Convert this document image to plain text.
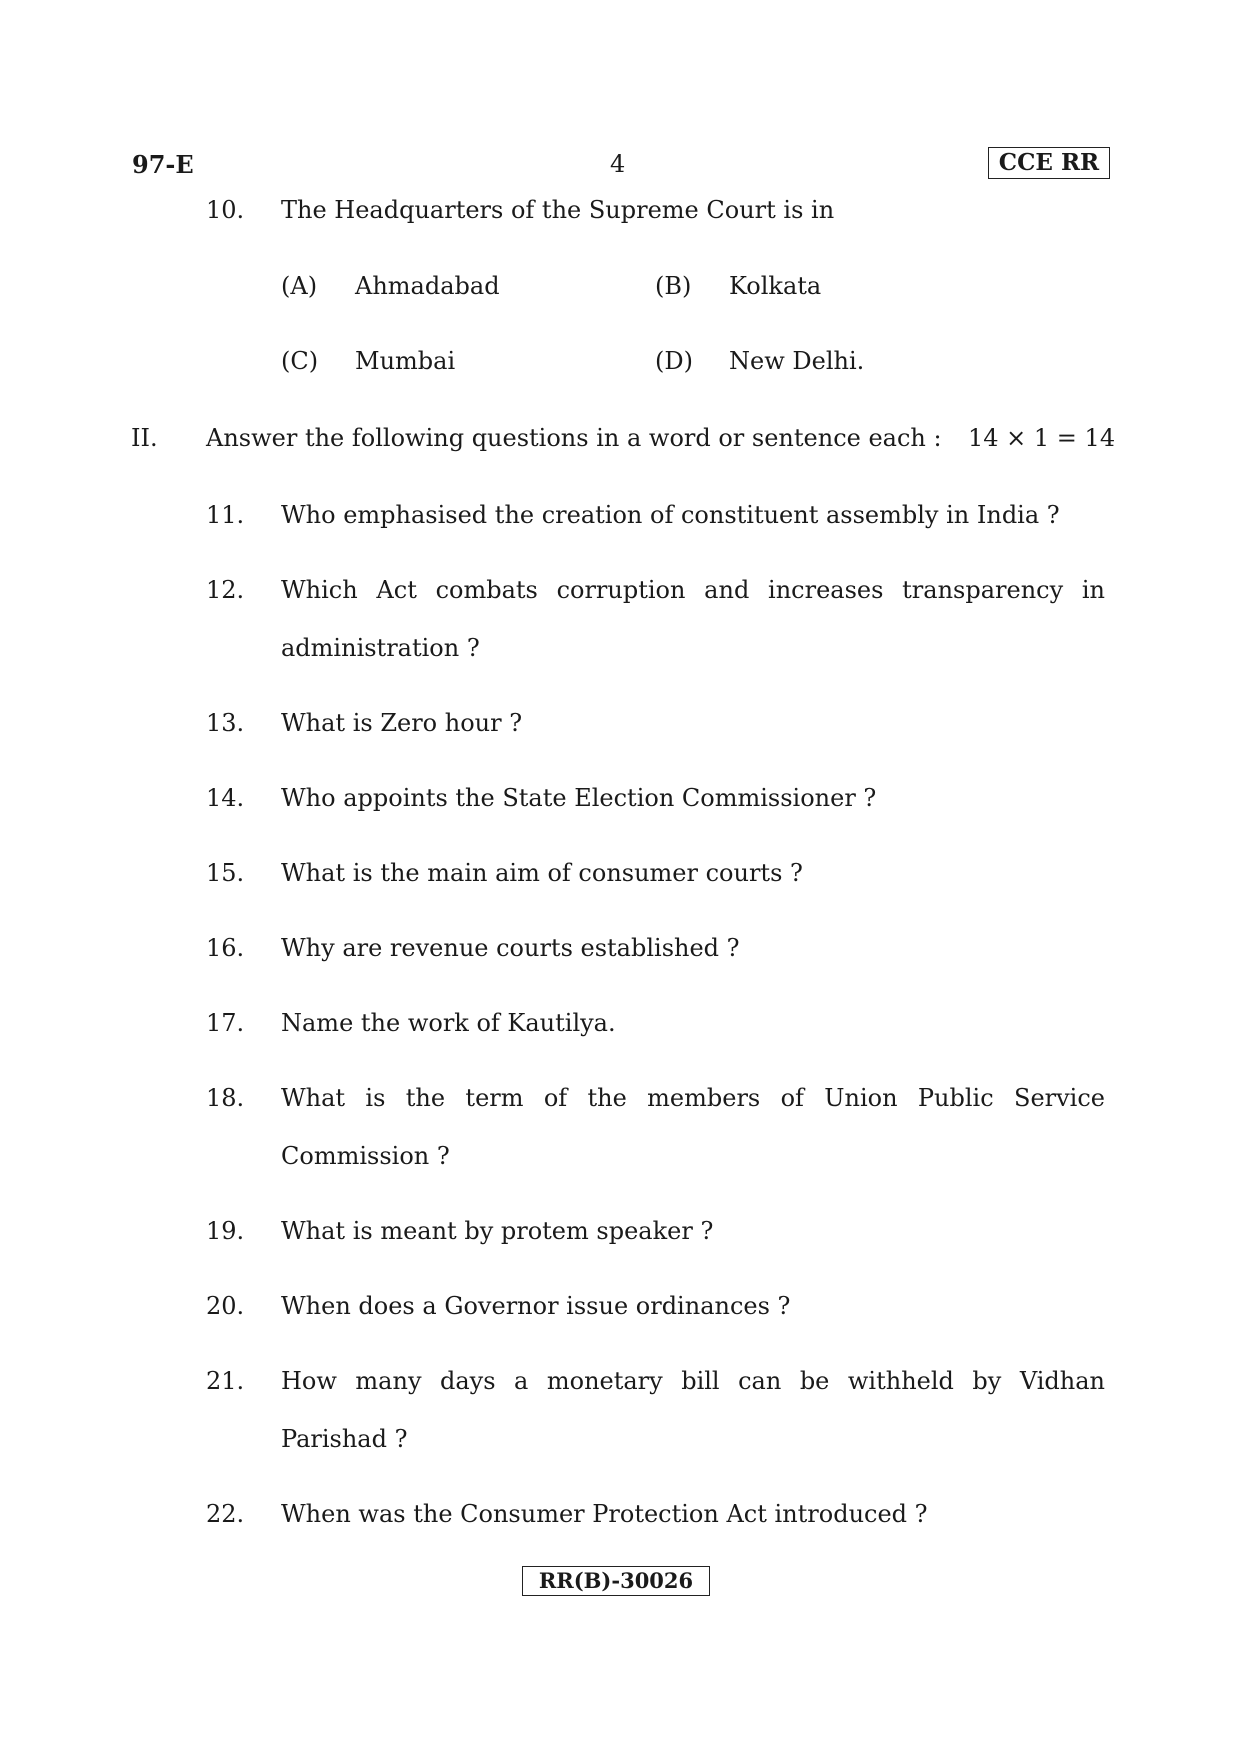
97-E	4	CCE RR
10. The Headquarters of the Supreme Court is in
(A) Ahmadabad	(B) Kolkata
(C) Mumbai	(D) New Delhi.
II. Answer the following questions in a word or sentence each : 14 × 1 = 14
11. Who emphasised the creation of constituent assembly in India ?
12. Which Act combats corruption and increases transparency in
administration ?
13. What is Zero hour ?
14. Who appoints the State Election Commissioner ?
15. What is the main aim of consumer courts ?
16. Why are revenue courts established ?
17. Name the work of Kautilya.
18. What is the term of the members of Union Public Service
Commission ?
19. What is meant by protem speaker ?
20. When does a Governor issue ordinances ?
21. How many days a monetary bill can be withheld by Vidhan
Parishad ?
22. When was the Consumer Protection Act introduced ?
RR(B)-30026
